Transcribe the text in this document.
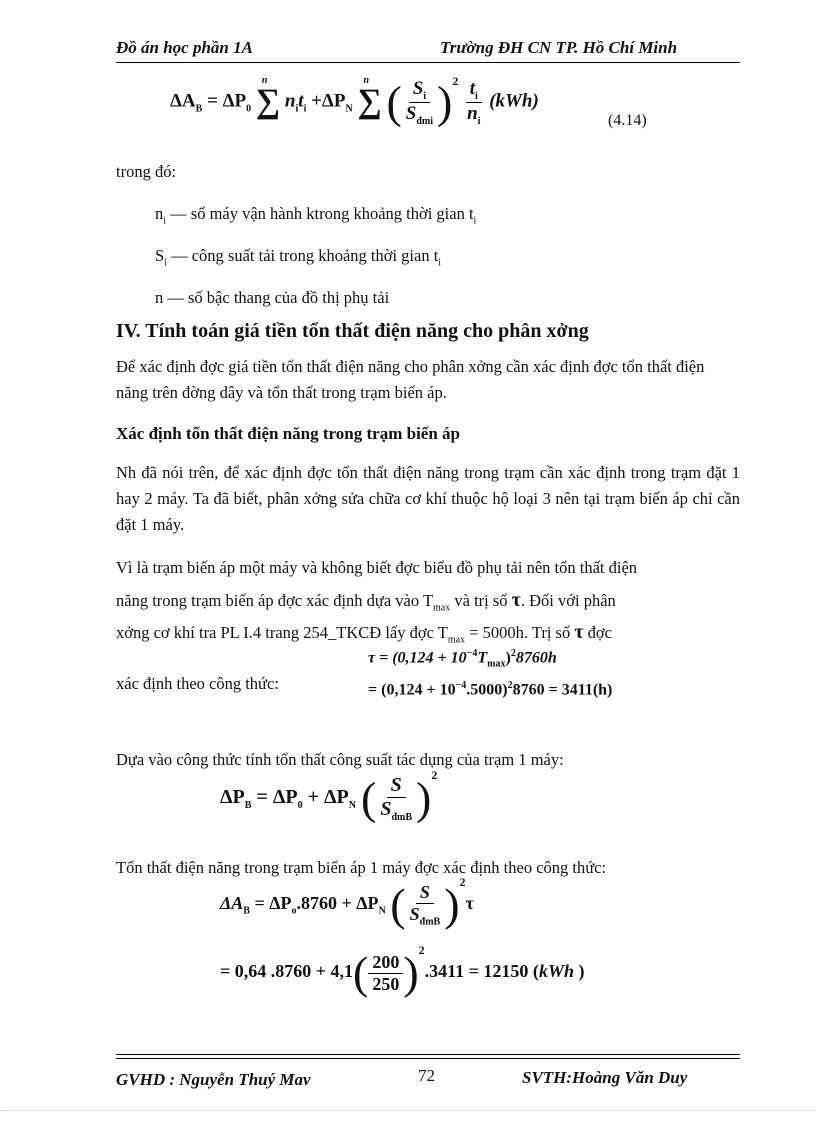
Đồ án học phần 1A	Trường ĐH CN TP. Hồ Chí Minh
$\Delta A_B = \Delta P_0$ ∑
n
$n_it_i +\Delta P_N$ ∑
n ( $\frac{S_i}{S_{đmi}} )^2 \frac{t_i}{n_i} (kWh)$
(4.14)
trong đó:
$n_i$ — số máy vận hành ktrong khoảng thời gian $t_i$
$S_i$ — công suất tải trong khoảng thời gian $t_i$
n — số bậc thang của đồ thị phụ tải
IV. Tính toán giá tiền tổn thất điện năng cho phân xởng
Để xác định đợc giá tiền tổn thất điện năng cho phân xởng cần xác định đợc tổn thất điện năng trên đờng dây và tổn thất trong trạm biến áp.
Xác định tổn thất điện năng trong trạm biến áp
Nh đã nói trên, để xác định đợc tổn thất điện năng trong trạm cần xác định trong trạm đặt 1 hay 2 máy. Ta đã biết, phân xởng sửa chữa cơ khí thuộc hộ loại 3 nên tại trạm biến áp chỉ cần đặt 1 máy.
Vì là trạm biến áp một máy và không biết đợc biểu đồ phụ tải nên tổn thất điện
năng trong trạm biến áp đợc xác định dựa vào $T_{max}$ và trị số τ. Đối với phân
xởng cơ khí tra PL I.4 trang 254_TKCĐ lấy đợc $T_{max} = 5000h$. Trị số τ đợc
xác định theo công thức:
$\tau = (0,124 + 10^{-4}T_{max})^28760h$
= $(0,124 + 10^{-4}.5000)^28760 = 3411(h)$
Dựa vào công thức tính tổn thất công suất tác dụng của trạm 1 máy:
$\Delta P_B = \Delta P_0 + \Delta P_N$ ( $\frac{S}{S_{đmB}} )^2$
Tổn thất điện năng trong trạm biến áp 1 máy đợc xác định theo công thức:
$\Delta A_B = \Delta P_o.8760 + \Delta P_N$ ( $\frac{S}{S_{đmB}} )^2\tau$
= 0,64 $.8760 + 4,1( \frac{200}{250} )^2.3411 = 12150$ (kWh )
GVHD : Nguyễn Thuý Mav	72	SVTH:Hoàng Văn Duy
